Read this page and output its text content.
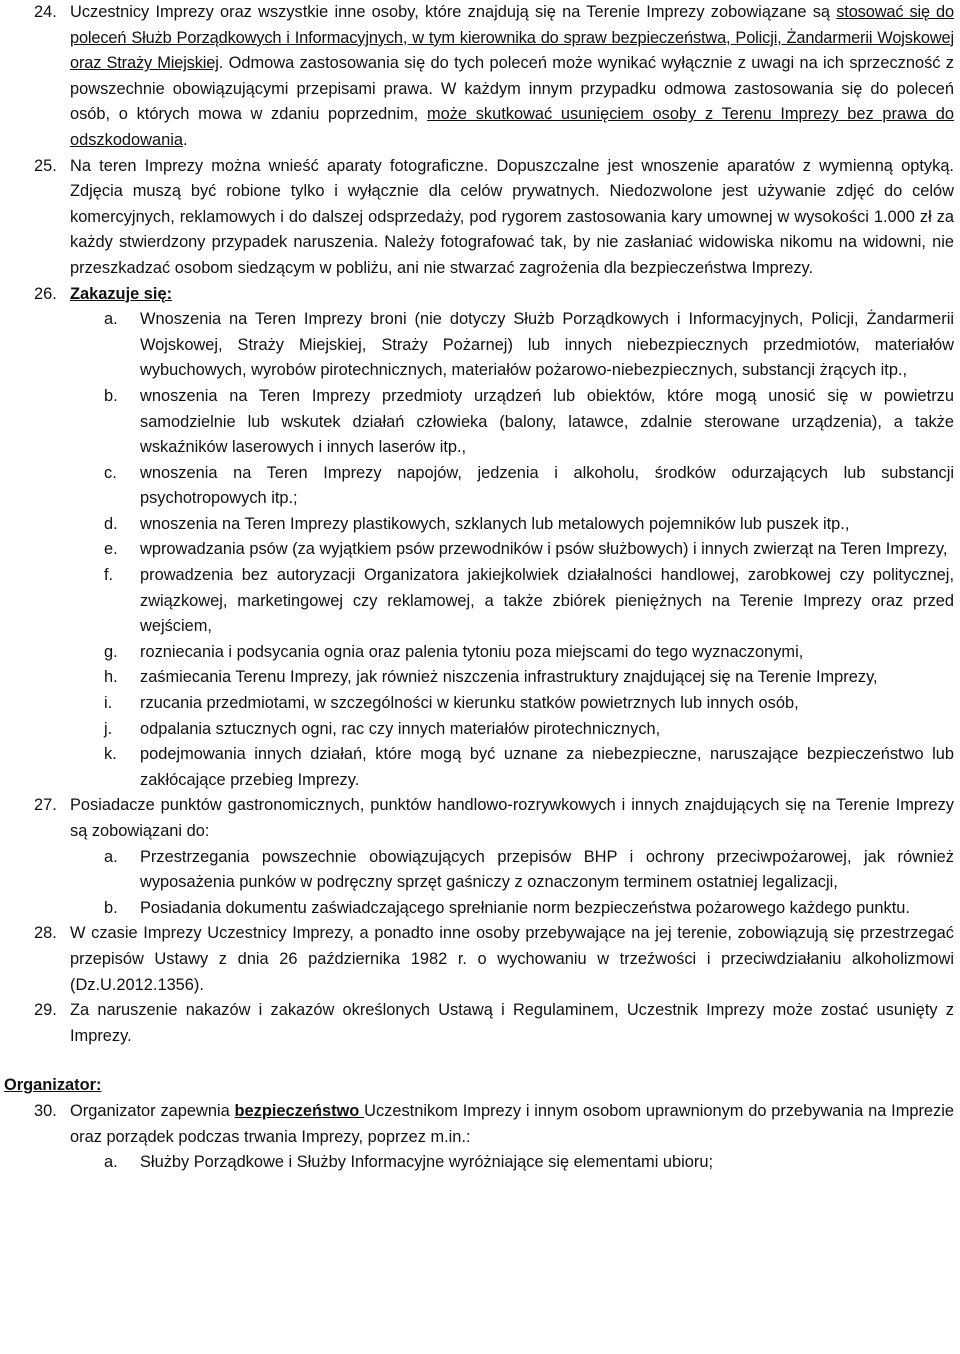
24. Uczestnicy Imprezy oraz wszystkie inne osoby, które znajdują się na Terenie Imprezy zobowiązane są stosować się do poleceń Służb Porządkowych i Informacyjnych, w tym kierownika do spraw bezpieczeństwa, Policji, Żandarmerii Wojskowej oraz Straży Miejskiej. Odmowa zastosowania się do tych poleceń może wynikać wyłącznie z uwagi na ich sprzeczność z powszechnie obowiązującymi przepisami prawa. W każdym innym przypadku odmowa zastosowania się do poleceń osób, o których mowa w zdaniu poprzednim, może skutkować usunięciem osoby z Terenu Imprezy bez prawa do odszkodowania.
25. Na teren Imprezy można wnieść aparaty fotograficzne. Dopuszczalne jest wnoszenie aparatów z wymienną optyką. Zdjęcia muszą być robione tylko i wyłącznie dla celów prywatnych. Niedozwolone jest używanie zdjęć do celów komercyjnych, reklamowych i do dalszej odsprzedaży, pod rygorem zastosowania kary umownej w wysokości 1.000 zł za każdy stwierdzony przypadek naruszenia. Należy fotografować tak, by nie zasłaniać widowiska nikomu na widowni, nie przeszkadzać osobom siedzącym w pobliżu, ani nie stwarzać zagrożenia dla bezpieczeństwa Imprezy.
26. Zakazuje się:
a.	Wnoszenia na Teren Imprezy broni (nie dotyczy Służb Porządkowych i Informacyjnych, Policji, Żandarmerii Wojskowej, Straży Miejskiej, Straży Pożarnej) lub innych niebezpiecznych przedmiotów, materiałów wybuchowych, wyrobów pirotechnicznych, materiałów pożarowo-niebezpiecznych, substancji żrących itp.,
b.	wnoszenia na Teren Imprezy przedmioty urządzeń lub obiektów, które mogą unosić się w powietrzu samodzielnie lub wskutek działań człowieka (balony, latawce, zdalnie sterowane urządzenia), a także wskaźników laserowych i innych laserów itp.,
c.	wnoszenia na Teren Imprezy napojów, jedzenia i alkoholu, środków odurzających lub substancji psychotropowych itp.;
d.	wnoszenia na Teren Imprezy plastikowych, szklanych lub metalowych pojemników lub puszek itp.,
e.	wprowadzania psów (za wyjątkiem psów przewodników i psów służbowych) i innych zwierząt na Teren Imprezy,
f.	prowadzenia bez autoryzacji Organizatora jakiejkolwiek działalności handlowej, zarobkowej czy politycznej, związkowej, marketingowej czy reklamowej, a także zbiórek pieniężnych na Terenie Imprezy oraz przed wejściem,
g.	rozniecania i podsycania ognia oraz palenia tytoniu poza miejscami do tego wyznaczonymi,
h.	zaśmiecania Terenu Imprezy, jak również niszczenia infrastruktury znajdującej się na Terenie Imprezy,
i.	rzucania przedmiotami, w szczególności w kierunku statków powietrznych lub innych osób,
j.	odpalania sztucznych ogni, rac czy innych materiałów pirotechnicznych,
k.	podejmowania innych działań, które mogą być uznane za niebezpieczne, naruszające bezpieczeństwo lub zakłócające przebieg Imprezy.
27. Posiadacze punktów gastronomicznych, punktów handlowo-rozrywkowych i innych znajdujących się na Terenie Imprezy są zobowiązani do:
a.	Przestrzegania powszechnie obowiązujących przepisów BHP i ochrony przeciwpożarowej, jak również wyposażenia punków w podręczny sprzęt gaśniczy z oznaczonym terminem ostatniej legalizacji,
b.	Posiadania dokumentu zaświadczającego sprełnianie norm bezpieczeństwa pożarowego każdego punktu.
28. W czasie Imprezy Uczestnicy Imprezy, a ponadto inne osoby przebywające na jej terenie, zobowiązują się przestrzegać przepisów Ustawy z dnia 26 października 1982 r. o wychowaniu w trzeźwości i przeciwdziałaniu alkoholizmowi (Dz.U.2012.1356).
29. Za naruszenie nakazów i zakazów określonych Ustawą i Regulaminem, Uczestnik Imprezy może zostać usunięty z Imprezy.
Organizator:
30. Organizator zapewnia bezpieczeństwo Uczestnikom Imprezy i innym osobom uprawnionym do przebywania na Imprezie oraz porządek podczas trwania Imprezy, poprzez m.in.:
a.	Służby Porządkowe i Służby Informacyjne wyróżniające się elementami ubioru;
